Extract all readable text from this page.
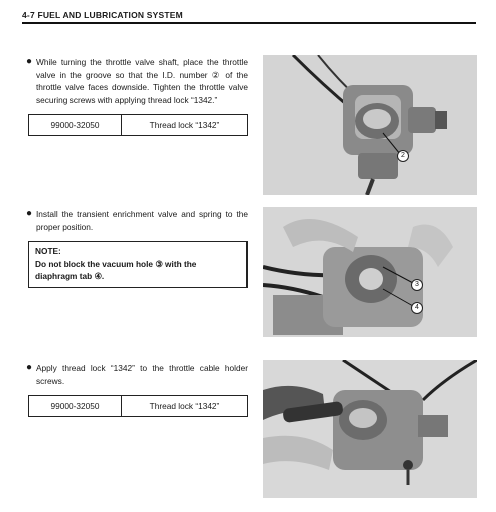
4-7 FUEL AND LUBRICATION SYSTEM
● While turning the throttle valve shaft, place the throttle valve in the groove so that the I.D. number ② of the throttle valve faces downside. Tighten the throttle valve securing screws with applying thread lock “1342.”
99000-32050	Thread lock “1342”
● Install the transient enrichment valve and spring to the proper position.
NOTE:
Do not block the vacuum hole ③ with the diaphragm tab ④.
● Apply thread lock “1342” to the throttle cable holder screws.
99000-32050	Thread lock “1342”
2
3
4
